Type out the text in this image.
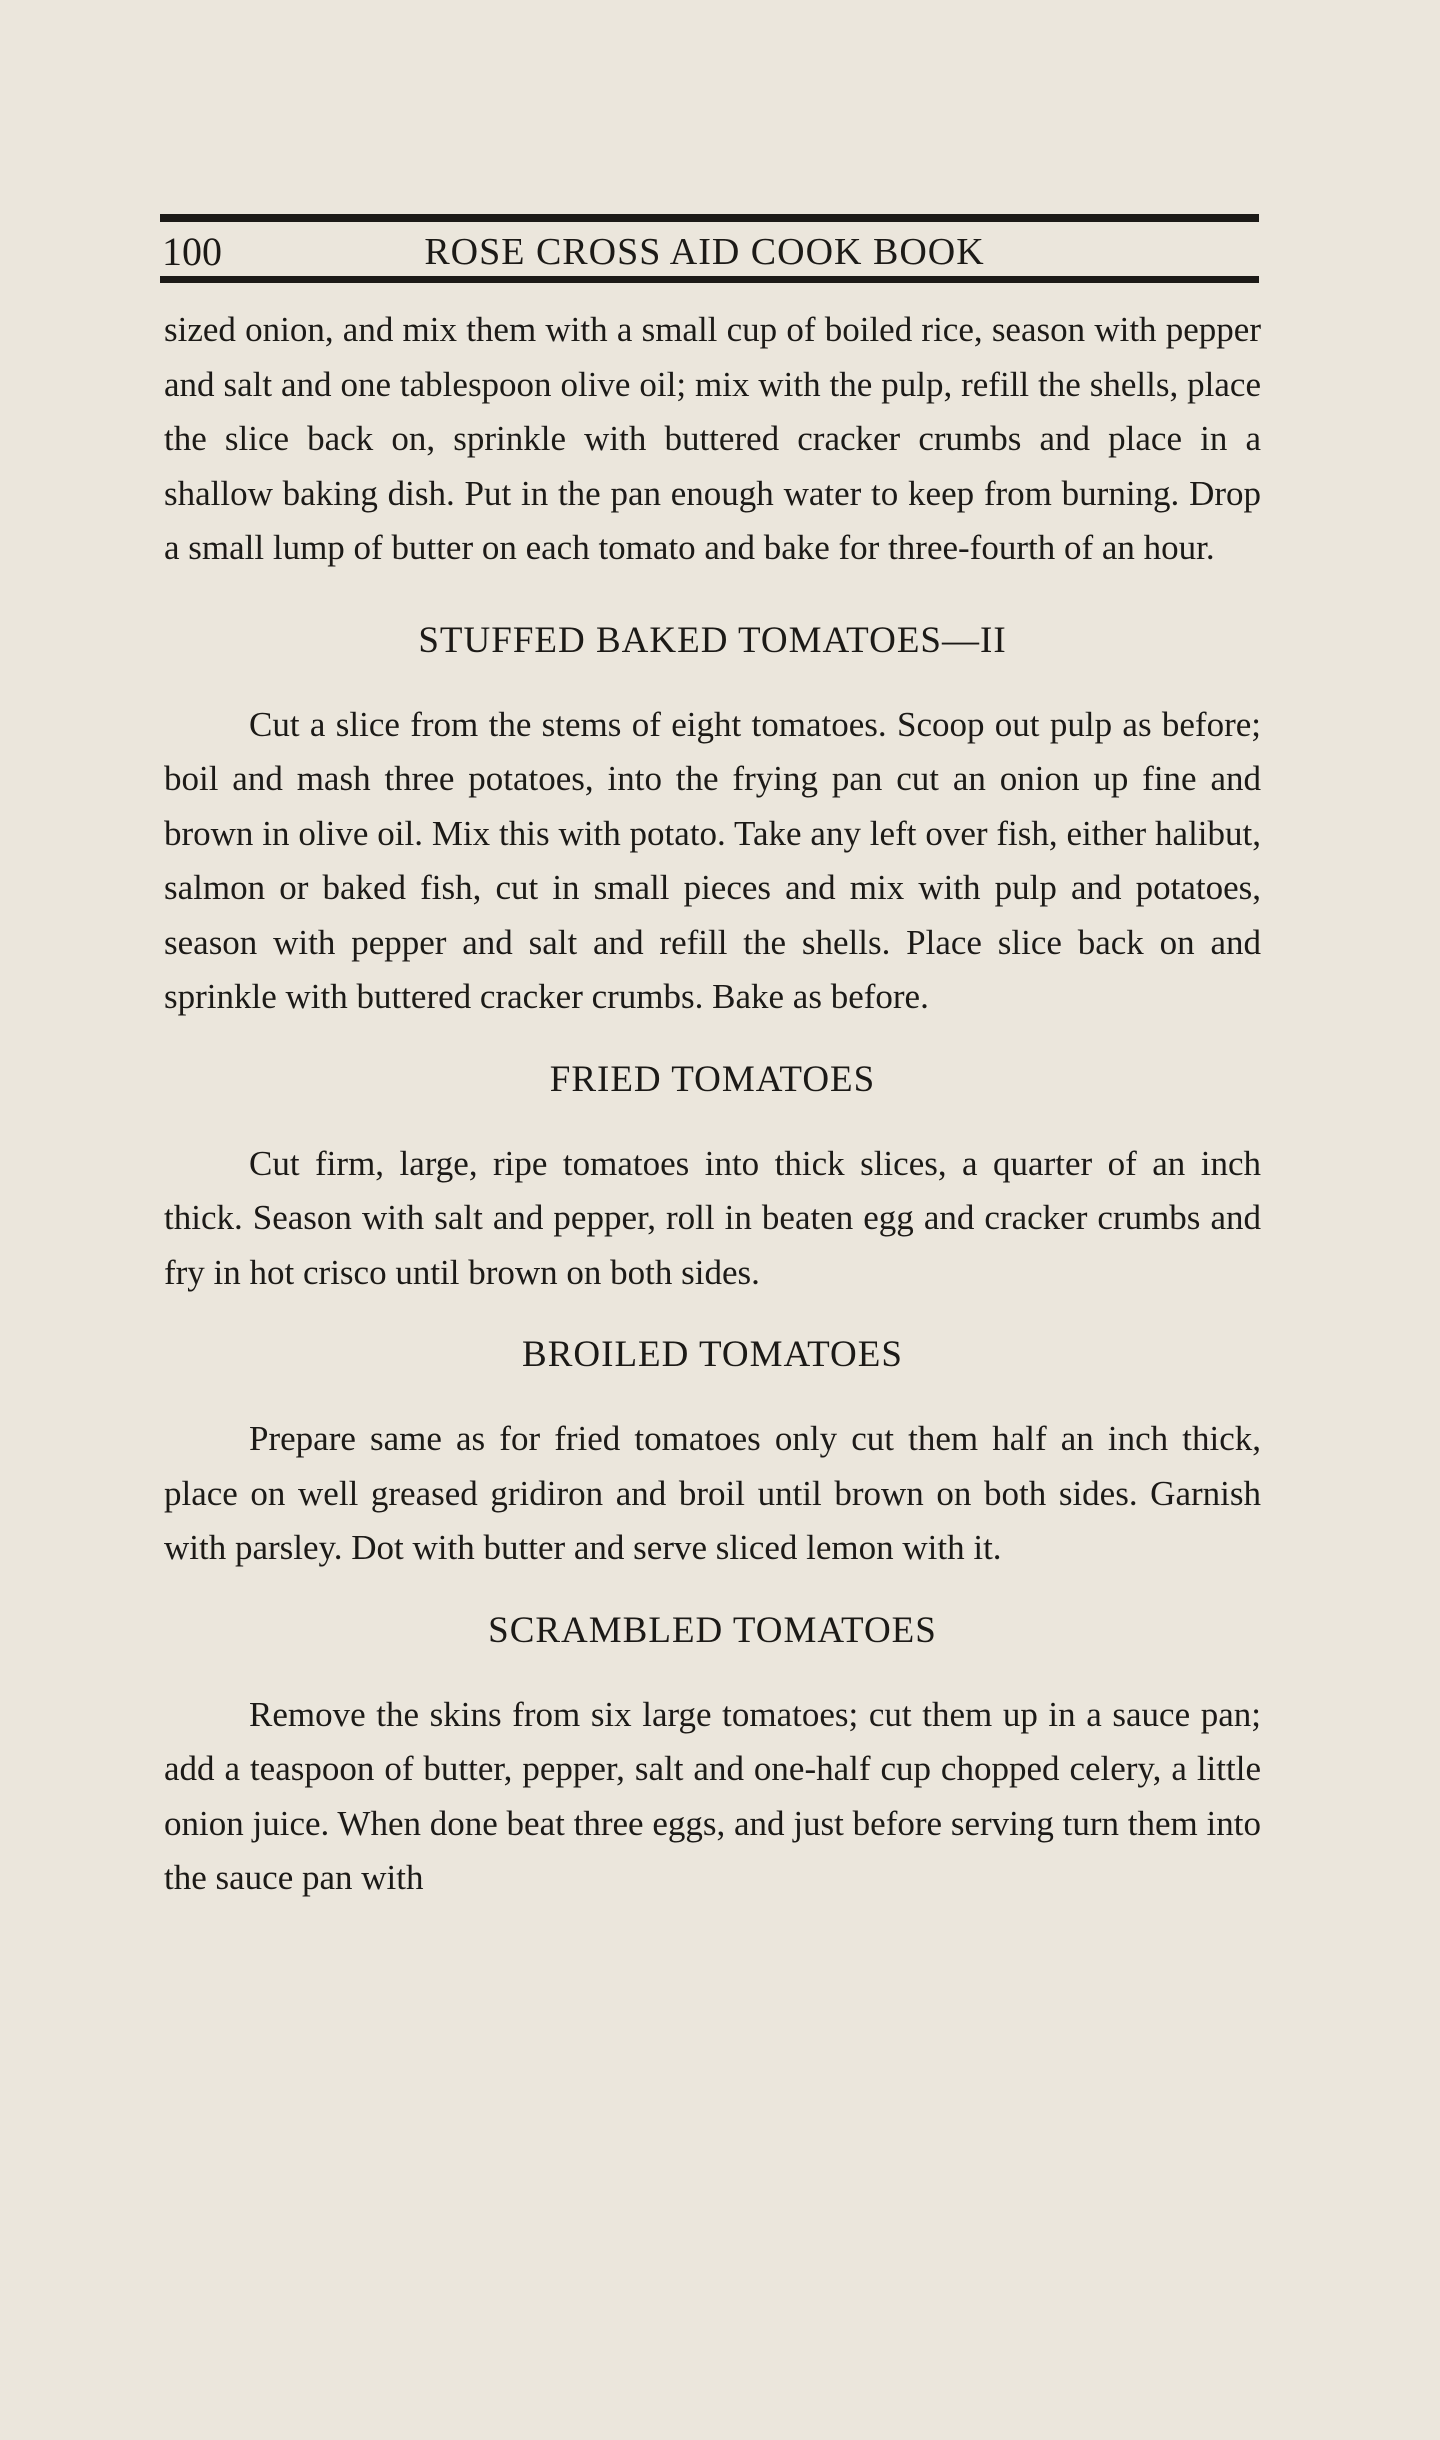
100	ROSE CROSS AID COOK BOOK

sized onion, and mix them with a small cup of boiled rice, season with pepper and salt and one tablespoon olive oil; mix with the pulp, refill the shells, place the slice back on, sprinkle with buttered cracker crumbs and place in a shallow baking dish. Put in the pan enough water to keep from burning. Drop a small lump of butter on each tomato and bake for three-fourth of an hour.

STUFFED BAKED TOMATOES—II

Cut a slice from the stems of eight tomatoes. Scoop out pulp as before; boil and mash three potatoes, into the frying pan cut an onion up fine and brown in olive oil. Mix this with potato. Take any left over fish, either halibut, salmon or baked fish, cut in small pieces and mix with pulp and potatoes, season with pepper and salt and refill the shells. Place slice back on and sprinkle with buttered cracker crumbs. Bake as before.

FRIED TOMATOES

Cut firm, large, ripe tomatoes into thick slices, a quarter of an inch thick. Season with salt and pepper, roll in beaten egg and cracker crumbs and fry in hot crisco until brown on both sides.

BROILED TOMATOES

Prepare same as for fried tomatoes only cut them half an inch thick, place on well greased gridiron and broil until brown on both sides. Garnish with parsley. Dot with butter and serve sliced lemon with it.

SCRAMBLED TOMATOES

Remove the skins from six large tomatoes; cut them up in a sauce pan; add a teaspoon of butter, pepper, salt and one-half cup chopped celery, a little onion juice. When done beat three eggs, and just before serving turn them into the sauce pan with
